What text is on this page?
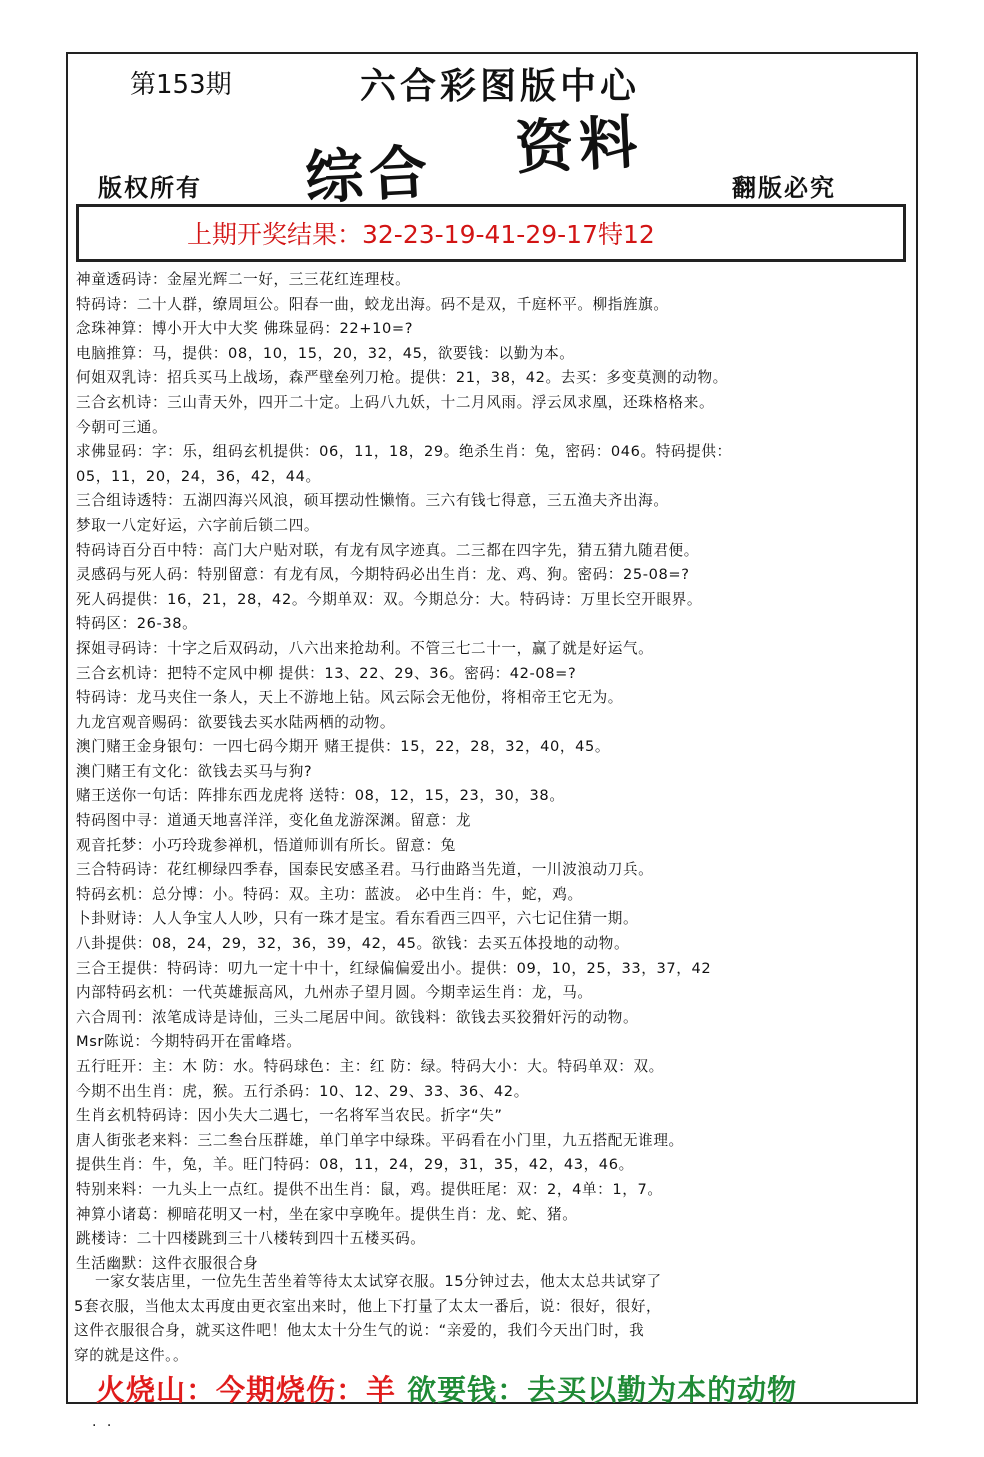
第153期	六合彩图版中心
综合 资料
版权所有	翻版必究
上期开奖结果：32-23-19-41-29-17特12
神童透码诗：金屋光辉二一好，三三花红连理枝。
特码诗：二十人群，缭周垣公。阳春一曲，蛟龙出海。码不是双，千庭杯平。柳指旌旗。
念珠神算：博小开大中大奖 佛珠显码：22+10=?
电脑推算：马，提供：08，10，15，20，32，45，欲要钱：以勤为本。
何姐双乳诗：招兵买马上战场，森严壁垒列刀枪。提供：21，38，42。去买：多变莫测的动物。
三合玄机诗：三山青天外，四开二十定。上码八九妖，十二月风雨。浮云凤求凰，还珠格格来。
今朝可三通。
求佛显码：字：乐，组码玄机提供：06，11，18，29。绝杀生肖：兔，密码：046。特码提供：
05，11，20，24，36，42，44。
三合组诗透特：五湖四海兴风浪，硕耳摆动性懒惰。三六有钱七得意，三五渔夫齐出海。
梦取一八定好运，六字前后锁二四。
特码诗百分百中特：高门大户贴对联，有龙有凤字迹真。二三都在四字先，猜五猜九随君便。
灵感码与死人码：特别留意：有龙有凤，今期特码必出生肖：龙、鸡、狗。密码：25-08=?
死人码提供：16，21，28，42。今期单双：双。今期总分：大。特码诗：万里长空开眼界。
特码区：26-38。
探姐寻码诗：十字之后双码动，八六出来抢劫利。不管三七二十一，赢了就是好运气。
三合玄机诗：把特不定风中柳 提供：13、22、29、36。密码：42-08=?
特码诗：龙马夹住一条人，天上不游地上钻。风云际会无他份，将相帝王它无为。
九龙宫观音赐码：欲要钱去买水陆两栖的动物。
澳门赌王金身银句：一四七码今期开 赌王提供：15，22，28，32，40，45。
澳门赌王有文化：欲钱去买马与狗?
赌王送你一句话：阵排东西龙虎将 送特：08，12，15，23，30，38。
特码图中寻：道通天地喜洋洋，变化鱼龙游深渊。留意：龙
观音托梦：小巧玲珑参禅机，悟道师训有所长。留意：兔
三合特码诗：花红柳绿四季春，国泰民安感圣君。马行曲路当先道，一川波浪动刀兵。
特码玄机：总分博：小。特码：双。主功：蓝波。 必中生肖：牛，蛇，鸡。
卜卦财诗：人人争宝人人吵，只有一珠才是宝。看东看西三四平，六七记住猜一期。
八卦提供：08，24，29，32，36，39，42，45。欲钱：去买五体投地的动物。
三合王提供：特码诗：叨九一定十中十，红绿偏偏爱出小。提供：09，10，25，33，37，42
内部特码玄机：一代英雄振高风，九州赤子望月圆。今期幸运生肖：龙，马。
六合周刊：浓笔成诗是诗仙，三头二尾居中间。欲钱料：欲钱去买狡猾奸污的动物。
Msr陈说：今期特码开在雷峰塔。
五行旺开：主：木 防：水。特码球色：主：红 防：绿。特码大小：大。特码单双：双。
今期不出生肖：虎，猴。五行杀码：10、12、29、33、36、42。
生肖玄机特码诗：因小失大二遇七，一名将军当农民。折字“失”
唐人街张老来料：三二叁台压群雄，单门单字中绿珠。平码看在小门里，九五搭配无谁理。
提供生肖：牛，兔，羊。旺门特码：08，11，24，29，31，35，42，43，46。
特别来料：一九头上一点红。提供不出生肖：鼠，鸡。提供旺尾：双：2，4单：1，7。
神算小诸葛：柳暗花明又一村，坐在家中享晚年。提供生肖：龙、蛇、猪。
跳楼诗：二十四楼跳到三十八楼转到四十五楼买码。
生活幽默：这件衣服很合身
一家女装店里，一位先生苦坐着等待太太试穿衣服。15分钟过去，他太太总共试穿了
5套衣服，当他太太再度由更衣室出来时，他上下打量了太太一番后，说：很好，很好，
这件衣服很合身，就买这件吧！他太太十分生气的说：“亲爱的，我们今天出门时，我
穿的就是这件。。
火烧山：今期烧伤：羊 欲要钱：去买以勤为本的动物
· ·
